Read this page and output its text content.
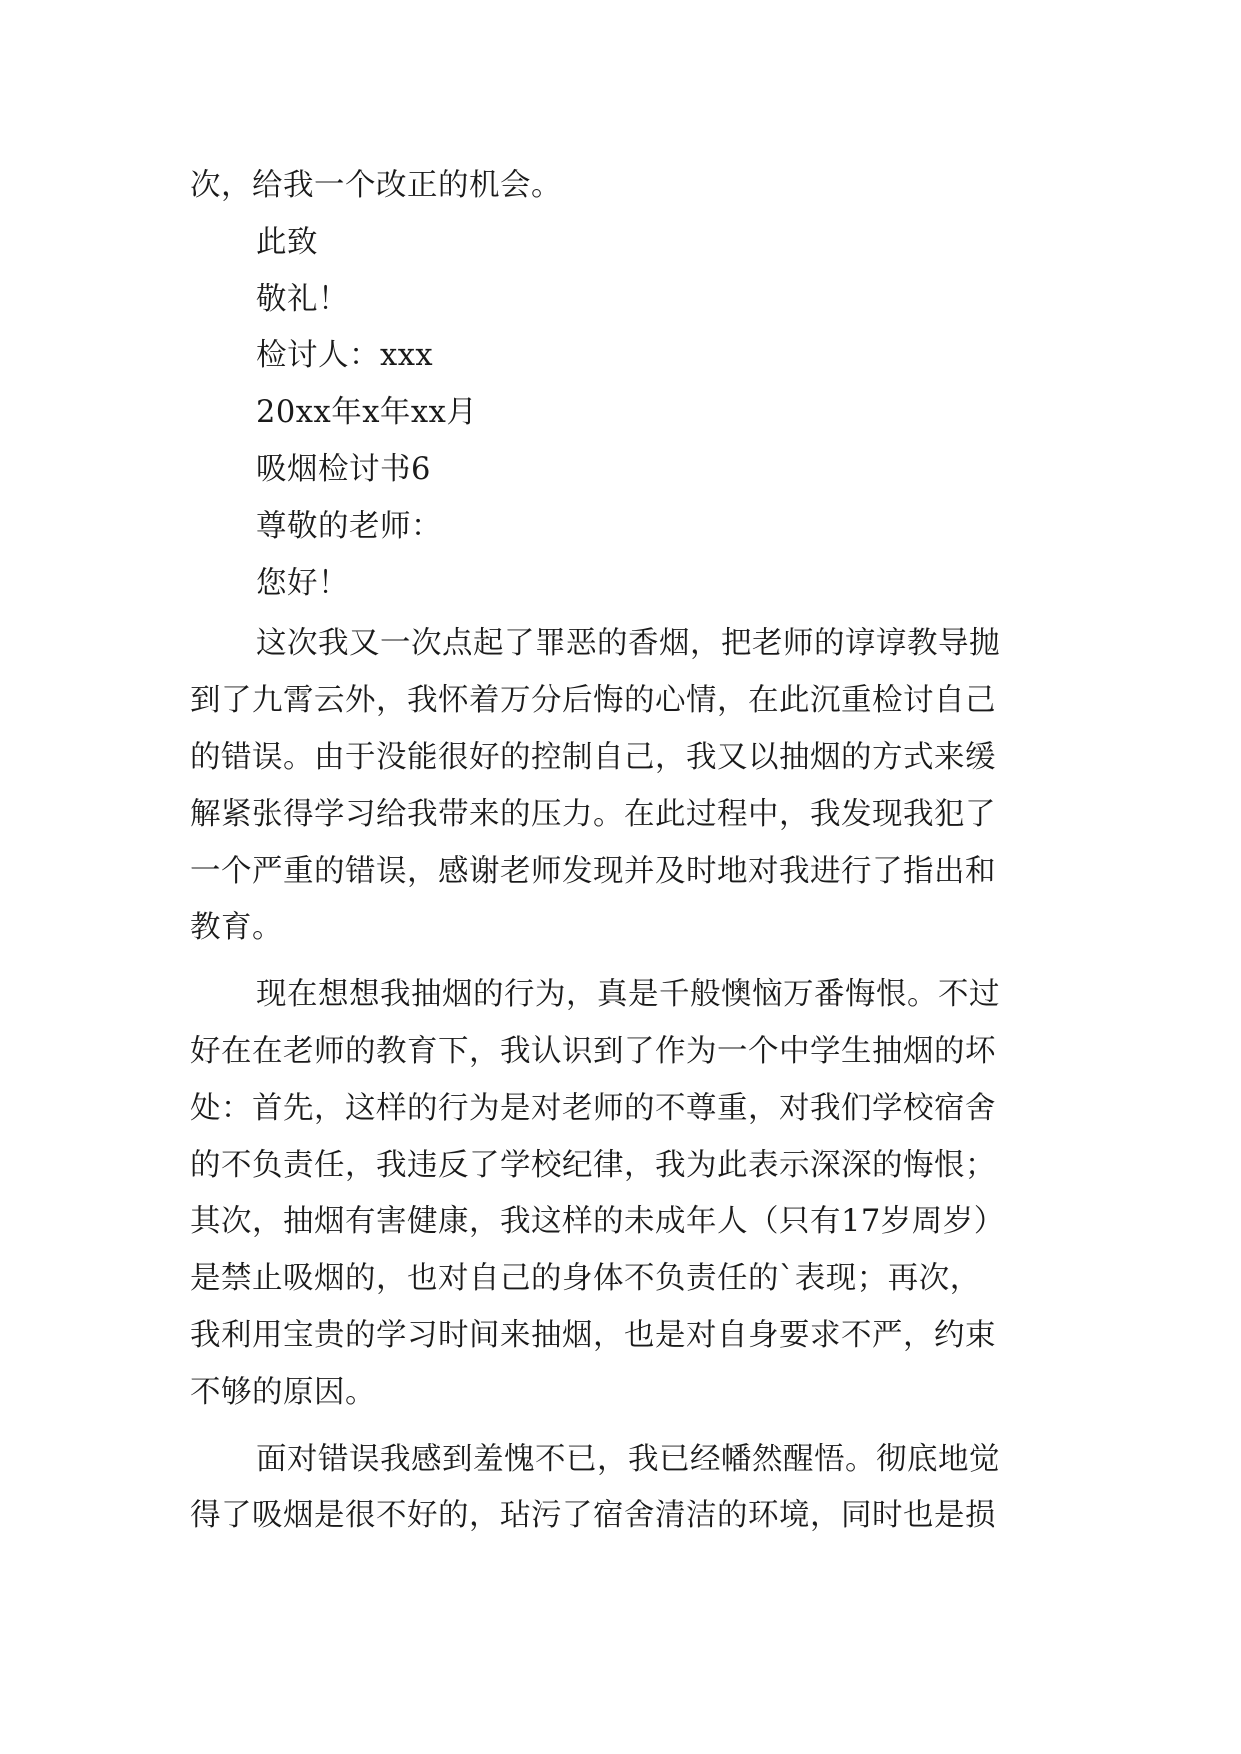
次，给我一个改正的机会。
此致
敬礼！
检讨人：xxx
20xx年x年xx月
吸烟检讨书6
尊敬的老师：
您好！
这次我又一次点起了罪恶的香烟，把老师的谆谆教导抛
到了九霄云外，我怀着万分后悔的心情，在此沉重检讨自己
的错误。由于没能很好的控制自己，我又以抽烟的方式来缓
解紧张得学习给我带来的压力。在此过程中，我发现我犯了
一个严重的错误，感谢老师发现并及时地对我进行了指出和
教育。
现在想想我抽烟的行为，真是千般懊恼万番悔恨。不过
好在在老师的教育下，我认识到了作为一个中学生抽烟的坏
处：首先，这样的行为是对老师的不尊重，对我们学校宿舍
的不负责任，我违反了学校纪律，我为此表示深深的悔恨；
其次，抽烟有害健康，我这样的未成年人（只有17岁周岁）
是禁止吸烟的，也对自己的身体不负责任的`表现；再次，
我利用宝贵的学习时间来抽烟，也是对自身要求不严，约束
不够的原因。
面对错误我感到羞愧不已，我已经幡然醒悟。彻底地觉
得了吸烟是很不好的，玷污了宿舍清洁的环境，同时也是损
